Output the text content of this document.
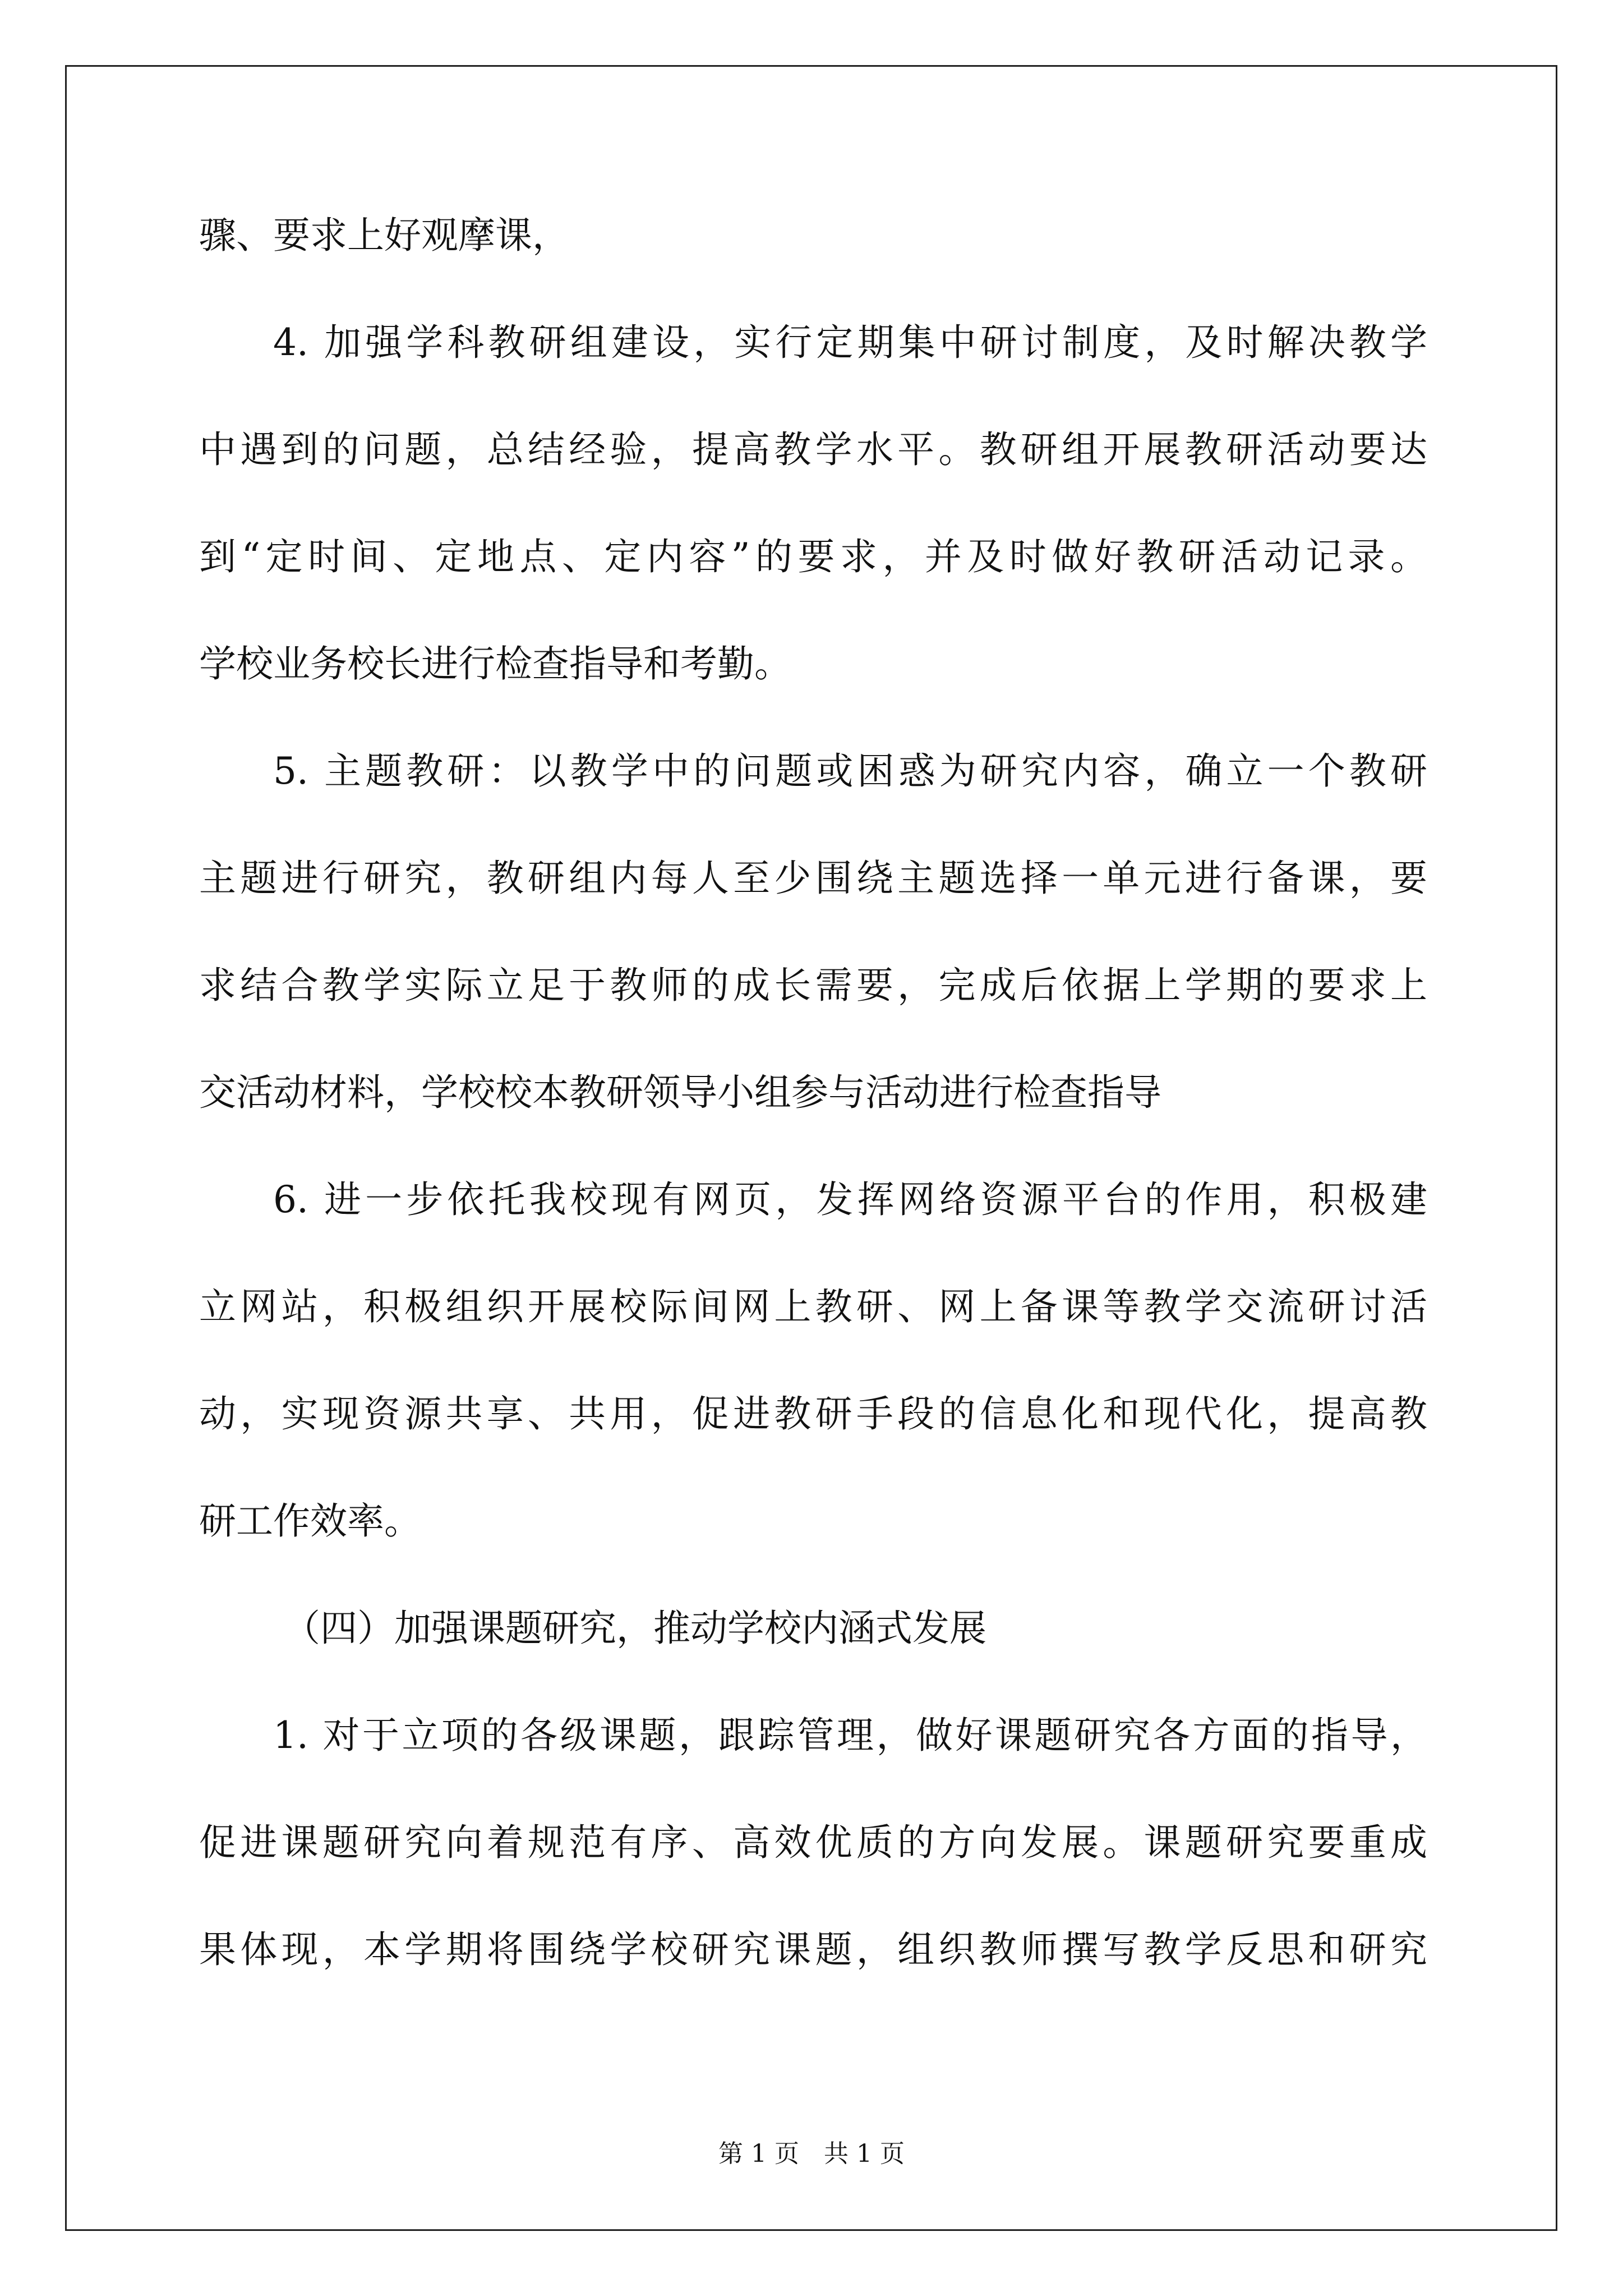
骤、要求上好观摩课，
4. 加强学科教研组建设，实行定期集中研讨制度，及时解决教学
中遇到的问题，总结经验，提高教学水平。教研组开展教研活动要达
到“定时间、定地点、定内容”的要求，并及时做好教研活动记录。
学校业务校长进行检查指导和考勤。
5. 主题教研：以教学中的问题或困惑为研究内容，确立一个教研
主题进行研究，教研组内每人至少围绕主题选择一单元进行备课，要
求结合教学实际立足于教师的成长需要，完成后依据上学期的要求上
交活动材料，学校校本教研领导小组参与活动进行检查指导
6. 进一步依托我校现有网页，发挥网络资源平台的作用，积极建
立网站，积极组织开展校际间网上教研、网上备课等教学交流研讨活
动，实现资源共享、共用，促进教研手段的信息化和现代化，提高教
研工作效率。
（四）加强课题研究，推动学校内涵式发展
1. 对于立项的各级课题，跟踪管理，做好课题研究各方面的指导，
促进课题研究向着规范有序、高效优质的方向发展。课题研究要重成
果体现，本学期将围绕学校研究课题，组织教师撰写教学反思和研究
第 1 页　共 1 页
